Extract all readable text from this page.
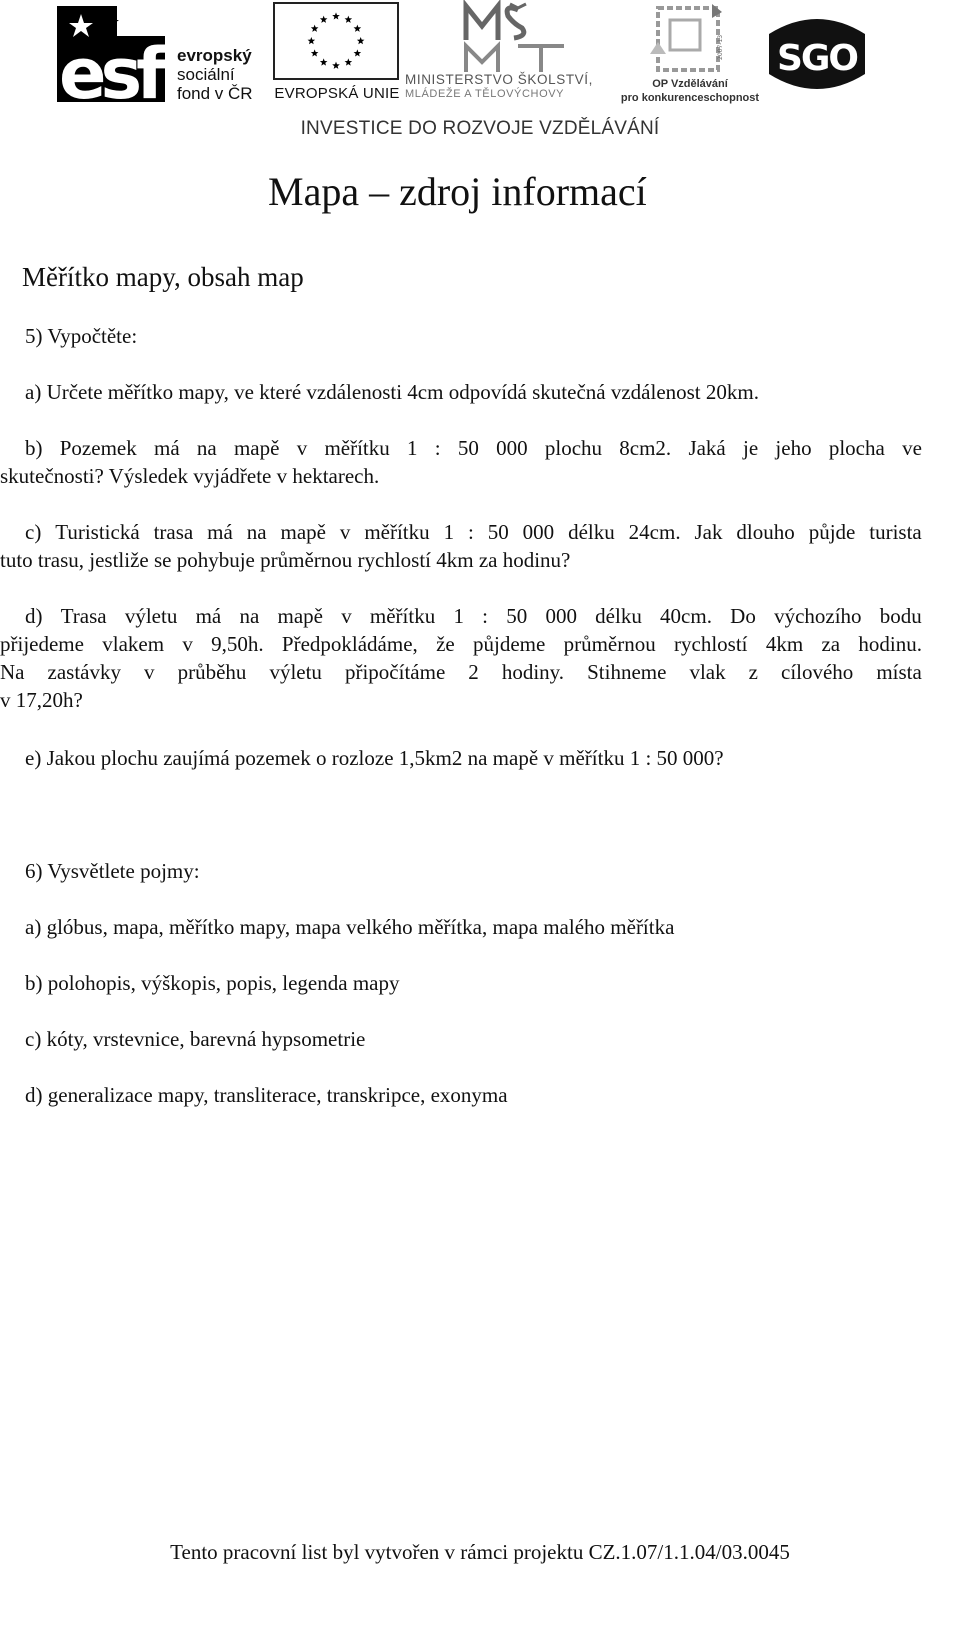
esf evropský
sociální
fond v ČR EVROPSKÁ UNIE
MINISTERSTVO ŠKOLSTVÍ,
MLÁDEŽE A TĚLOVÝCHOVY
2007-13
OP Vzdělávání
pro konkurenceschopnost
SGO
INVESTICE DO ROZVOJE VZDĚLÁVÁNÍ
Mapa – zdroj informací
Měřítko mapy, obsah map
5) Vypočtěte:
a) Určete měřítko mapy, ve které vzdálenosti 4cm odpovídá skutečná vzdálenost 20km.
b) Pozemek má na mapě v měřítku 1 : 50 000 plochu 8cm2. Jaká je jeho plocha ve
skutečnosti? Výsledek vyjádřete v hektarech.
c) Turistická trasa má na mapě v měřítku 1 : 50 000 délku 24cm. Jak dlouho půjde turista
tuto trasu, jestliže se pohybuje průměrnou rychlostí 4km za hodinu?
d) Trasa výletu má na mapě v měřítku 1 : 50 000 délku 40cm. Do výchozího bodu
přijedeme vlakem v 9,50h. Předpokládáme, že půjdeme průměrnou rychlostí 4km za hodinu.
Na zastávky v průběhu výletu připočítáme 2 hodiny. Stihneme vlak z cílového místa
v 17,20h?
e) Jakou plochu zaujímá pozemek o rozloze 1,5km2 na mapě v měřítku 1 : 50 000?
6) Vysvětlete pojmy:
a) glóbus, mapa, měřítko mapy, mapa velkého měřítka, mapa malého měřítka
b) polohopis, výškopis, popis, legenda mapy
c) kóty, vrstevnice, barevná hypsometrie
d) generalizace mapy, transliterace, transkripce, exonyma
Tento pracovní list byl vytvořen v rámci projektu CZ.1.07/1.1.04/03.0045
